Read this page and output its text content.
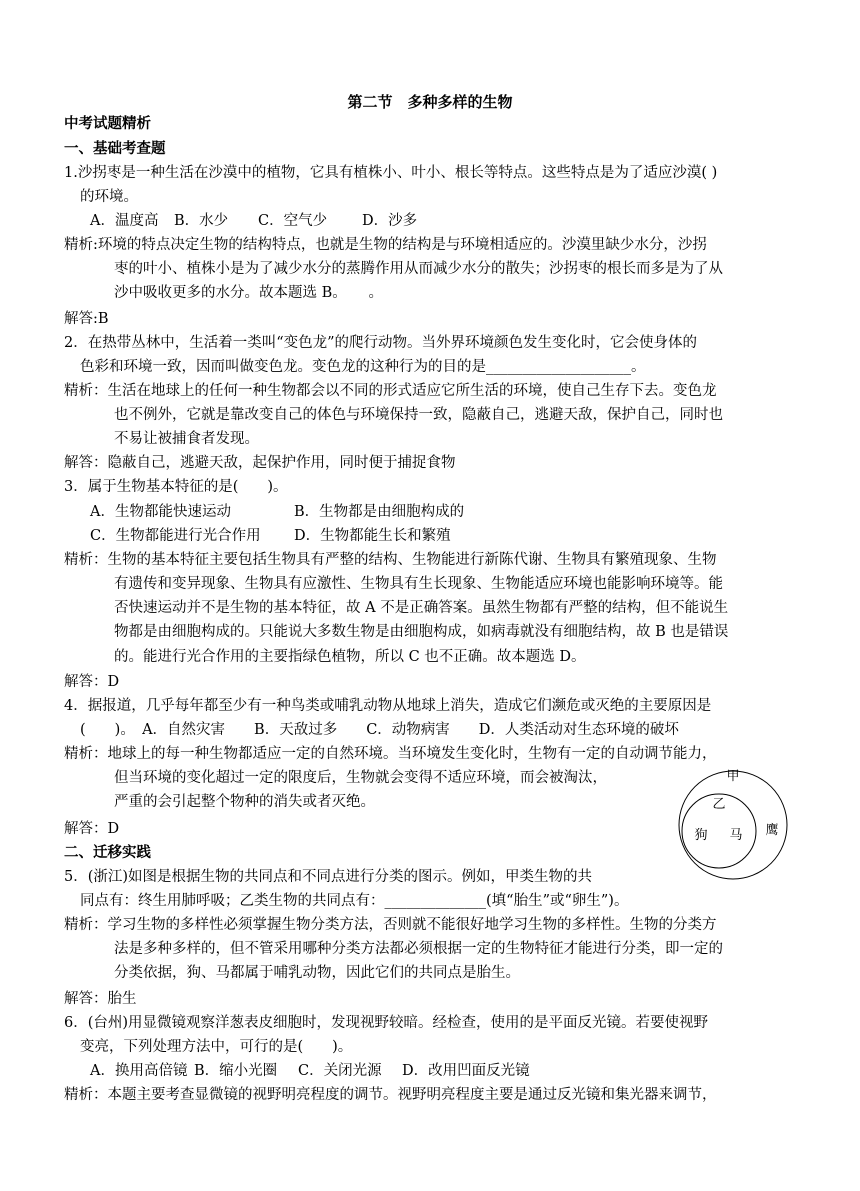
第二节　多种多样的生物
中考试题精析
一、基础考查题
1.沙拐枣是一种生活在沙漠中的植物，它具有植株小、叶小、根长等特点。这些特点是为了适应沙漠( )
的环境。
A．温度高 B．水少 C．空气少 D．沙多
精析:环境的特点决定生物的结构特点，也就是生物的结构是与环境相适应的。沙漠里缺少水分，沙拐
枣的叶小、植株小是为了减少水分的蒸腾作用从而减少水分的散失；沙拐枣的根长而多是为了从
沙中吸收更多的水分。故本题选 B。　　。
解答:B
2．在热带丛林中，生活着一类叫“变色龙”的爬行动物。当外界环境颜色发生变化时，它会使身体的
色彩和环境一致，因而叫做变色龙。变色龙的这种行为的目的是____________________。
精析：生活在地球上的任何一种生物都会以不同的形式适应它所生活的环境，使自己生存下去。变色龙
也不例外，它就是靠改变自己的体色与环境保持一致，隐蔽自己，逃避天敌，保护自己，同时也
不易让被捕食者发现。
解答：隐蔽自己，逃避天敌，起保护作用，同时便于捕捉食物
3．属于生物基本特征的是(　　)。
A．生物都能快速运动	B．生物都是由细胞构成的
C．生物都能进行光合作用 D．生物都能生长和繁殖
精析：生物的基本特征主要包括生物具有严整的结构、生物能进行新陈代谢、生物具有繁殖现象、生物
有遗传和变异现象、生物具有应激性、生物具有生长现象、生物能适应环境也能影响环境等。能
否快速运动并不是生物的基本特征，故 A 不是正确答案。虽然生物都有严整的结构，但不能说生
物都是由细胞构成的。只能说大多数生物是由细胞构成，如病毒就没有细胞结构，故 B 也是错误
的。能进行光合作用的主要指绿色植物，所以 C 也不正确。故本题选 D。
解答：D
4．据报道，几乎每年都至少有一种鸟类或哺乳动物从地球上消失，造成它们濒危或灭绝的主要原因是
(　　)。　A．自然灾害　　B．天敌过多　　C．动物病害　　D．人类活动对生态环境的破坏
精析：地球上的每一种生物都适应一定的自然环境。当环境发生变化时，生物有一定的自动调节能力，
但当环境的变化超过一定的限度后，生物就会变得不适应环境，而会被淘汰，
严重的会引起整个物种的消失或者灭绝。
解答：D
二、迁移实践
5．(浙江)如图是根据生物的共同点和不同点进行分类的图示。例如，甲类生物的共
同点有：终生用肺呼吸；乙类生物的共同点有：______________(填“胎生”或“卵生”)。
精析：学习生物的多样性必须掌握生物分类方法，否则就不能很好地学习生物的多样性。生物的分类方
法是多种多样的，但不管采用哪种分类方法都必须根据一定的生物特征才能进行分类，即一定的
分类依据，狗、马都属于哺乳动物，因此它们的共同点是胎生。
解答：胎生
6．(台州)用显微镜观察洋葱表皮细胞时，发现视野较暗。经检查，使用的是平面反光镜。若要使视野
变亮，下列处理方法中，可行的是(　　)。
A．换用高倍镜 B．缩小光圈 C．关闭光源 D．改用凹面反光镜
精析：本题主要考查显微镜的视野明亮程度的调节。视野明亮程度主要是通过反光镜和集光器来调节，
甲
乙
狗 马 鹰
